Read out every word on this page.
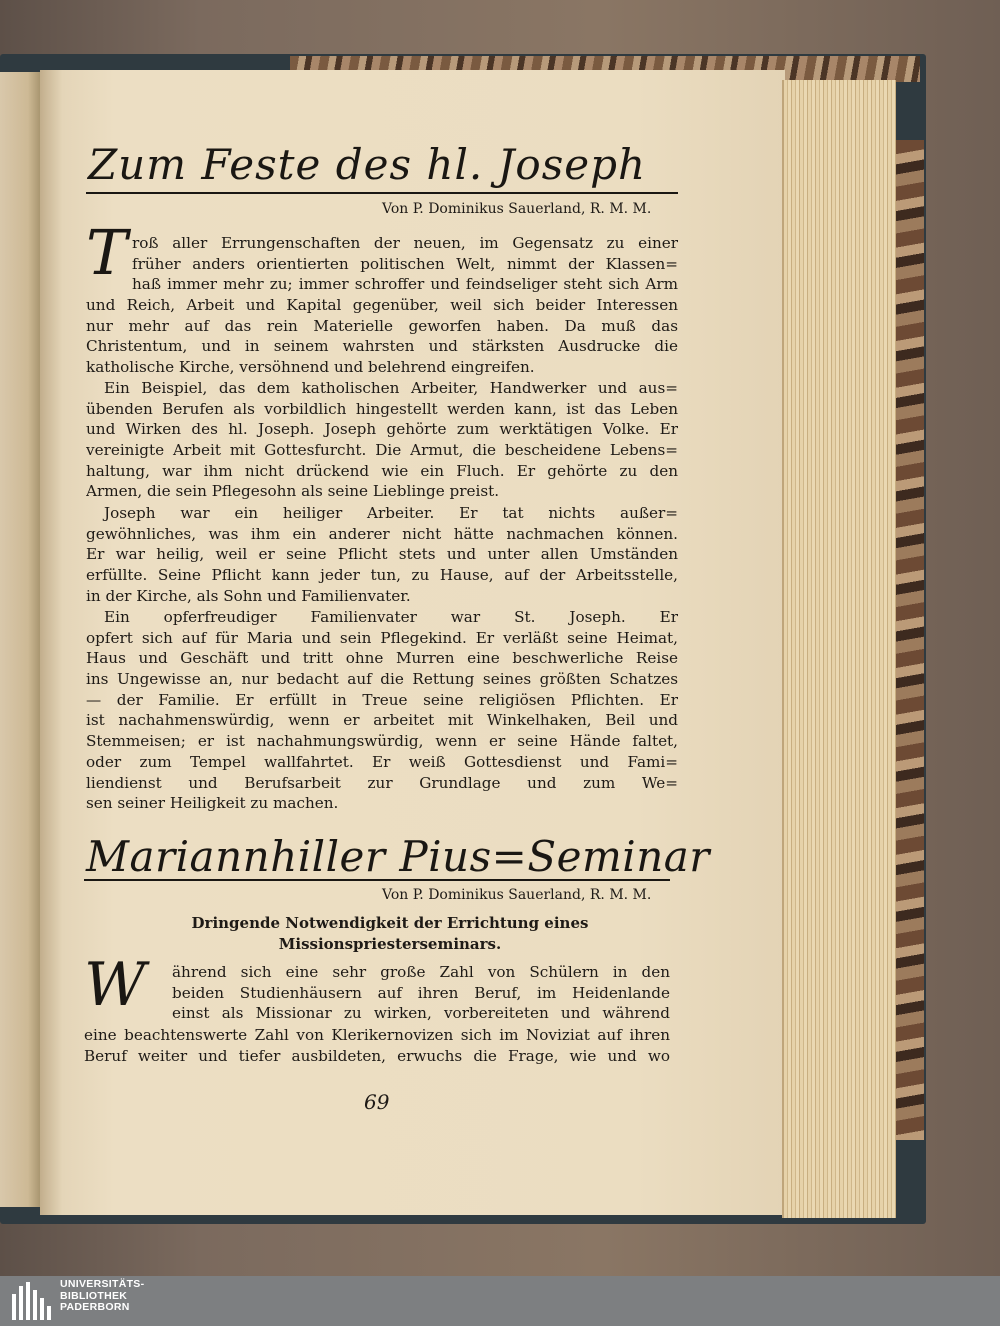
Zum Feste des hl. Joseph
Von P. Dominikus Sauerland, R. M. M.
T roß aller Errungenschaften der neuen, im Gegensatz zu einer
früher anders orientierten politischen Welt, nimmt der Klassen=
haß immer mehr zu; immer schroffer und feindseliger steht sich Arm
und Reich, Arbeit und Kapital gegenüber, weil sich beider Interessen
nur mehr auf das rein Materielle geworfen haben. Da muß das
Christentum, und in seinem wahrsten und stärksten Ausdrucke die
katholische Kirche, versöhnend und belehrend eingreifen.
Ein Beispiel, das dem katholischen Arbeiter, Handwerker und aus=
übenden Berufen als vorbildlich hingestellt werden kann, ist das Leben
und Wirken des hl. Joseph. Joseph gehörte zum werktätigen Volke. Er
vereinigte Arbeit mit Gottesfurcht. Die Armut, die bescheidene Lebens=
haltung, war ihm nicht drückend wie ein Fluch. Er gehörte zu den
Armen, die sein Pflegesohn als seine Lieblinge preist.
Joseph war ein heiliger Arbeiter. Er tat nichts außer=
gewöhnliches, was ihm ein anderer nicht hätte nachmachen können.
Er war heilig, weil er seine Pflicht stets und unter allen Umständen
erfüllte. Seine Pflicht kann jeder tun, zu Hause, auf der Arbeitsstelle,
in der Kirche, als Sohn und Familienvater.
Ein opferfreudiger Familienvater war St. Joseph. Er
opfert sich auf für Maria und sein Pflegekind. Er verläßt seine Heimat,
Haus und Geschäft und tritt ohne Murren eine beschwerliche Reise
ins Ungewisse an, nur bedacht auf die Rettung seines größten Schatzes
— der Familie. Er erfüllt in Treue seine religiösen Pflichten. Er
ist nachahmenswürdig, wenn er arbeitet mit Winkelhaken, Beil und
Stemmeisen; er ist nachahmungswürdig, wenn er seine Hände faltet,
oder zum Tempel wallfahrtet. Er weiß Gottesdienst und Fami=
liendienst und Berufsarbeit zur Grundlage und zum We=
sen seiner Heiligkeit zu machen.
Mariannhiller Pius=Seminar
Von P. Dominikus Sauerland, R. M. M.
Dringende Notwendigkeit der Errichtung eines
Missionspriesterseminars.
W ährend sich eine sehr große Zahl von Schülern in den
beiden Studienhäusern auf ihren Beruf, im Heidenlande
einst als Missionar zu wirken, vorbereiteten und während
eine beachtenswerte Zahl von Klerikernovizen sich im Noviziat auf ihren
Beruf weiter und tiefer ausbildeten, erwuchs die Frage, wie und wo
69
UNIVERSITÄTS-
BIBLIOTHEK
PADERBORN
